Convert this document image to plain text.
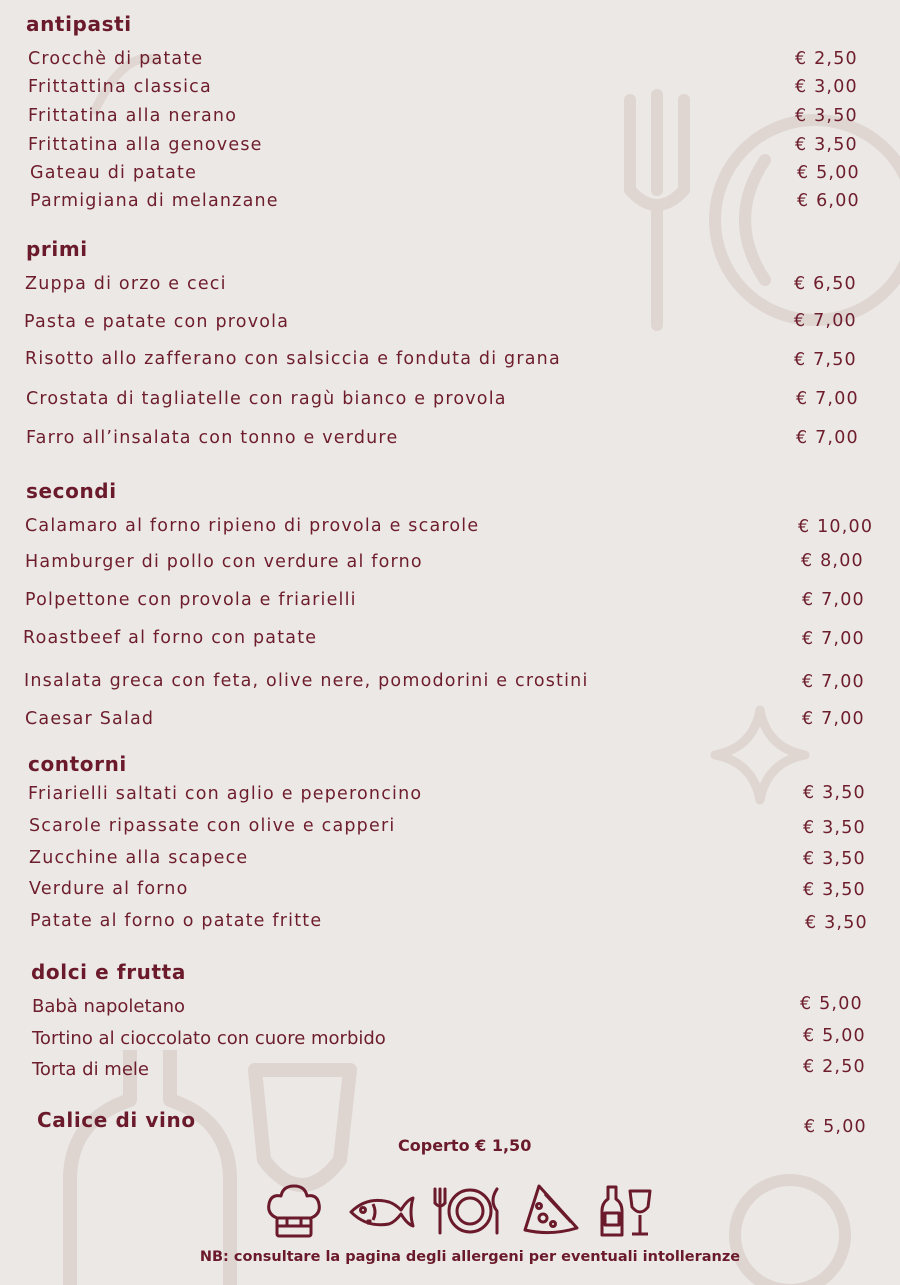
antipasti
Crocchè di patate	€ 2,50
Frittattina classica	€ 3,00
Frittatina alla nerano	€ 3,50
Frittatina alla genovese	€ 3,50
Gateau di patate	€ 5,00
Parmigiana di melanzane	€ 6,00
primi
Zuppa di orzo e ceci	€ 6,50
Pasta e patate con provola	€ 7,00
Risotto allo zafferano con salsiccia e fonduta di grana	€ 7,50
Crostata di tagliatelle con ragù bianco e provola	€ 7,00
Farro all’insalata con tonno e verdure	€ 7,00
secondi
Calamaro al forno ripieno di provola e scarole	€ 10,00
Hamburger di pollo con verdure al forno	€ 8,00
Polpettone con provola e friarielli	€ 7,00
Roastbeef al forno con patate	€ 7,00
Insalata greca con feta, olive nere, pomodorini e crostini	€ 7,00
Caesar Salad	€ 7,00
contorni
Friarielli saltati con aglio e peperoncino	€ 3,50
Scarole ripassate con olive e capperi	€ 3,50
Zucchine alla scapece	€ 3,50
Verdure al forno	€ 3,50
Patate al forno o patate fritte	€ 3,50
dolci e frutta
Babà napoletano	€ 5,00
Tortino al cioccolato con cuore morbido	€ 5,00
Torta di mele	€ 2,50
Calice di vino	€ 5,00
Coperto € 1,50
NB: consultare la pagina degli allergeni per eventuali intolleranze
